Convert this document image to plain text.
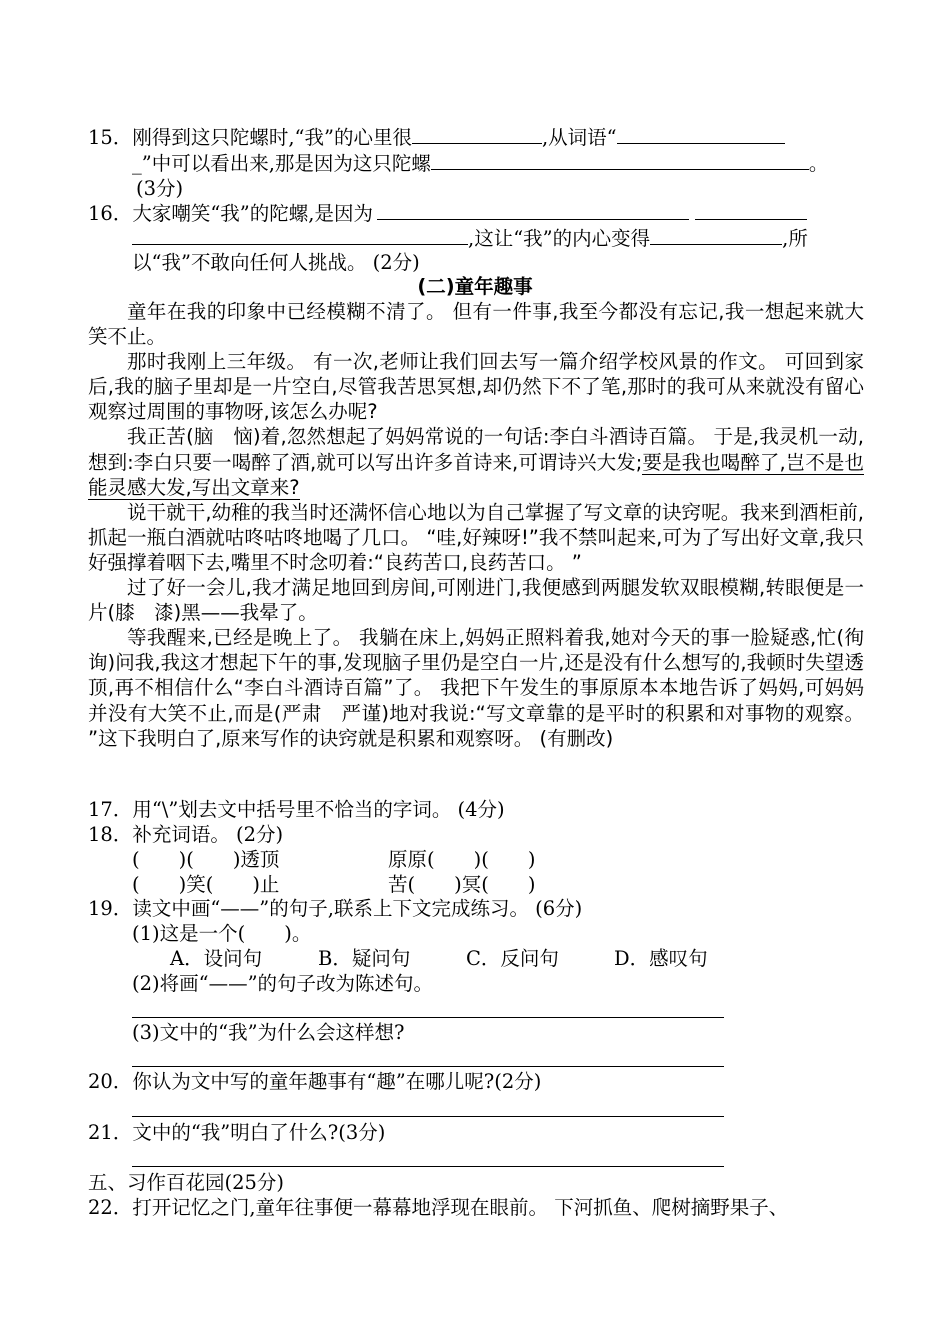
15．刚得到这只陀螺时,“我”的心里很	,从词语“
_”中可以看出来,那是因为这只陀螺	。
(3分)
16．大家嘲笑“我”的陀螺,是因为
,这让“我”的内心变得	,所
以“我”不敢向任何人挑战。 (2分)
(二)童年趣事

童年在我的印象中已经模糊不清了。 但有一件事,我至今都没有忘记,我一想起来就大笑不止。

那时我刚上三年级。 有一次,老师让我们回去写一篇介绍学校风景的作文。 可回到家后,我的脑子里却是一片空白,尽管我苦思冥想,却仍然下不了笔,那时的我可从来就没有留心观察过周围的事物呀,该怎么办呢?

我正苦(脑　恼)着,忽然想起了妈妈常说的一句话:李白斗酒诗百篇。 于是,我灵机一动,想到:李白只要一喝醉了酒,就可以写出许多首诗来,可谓诗兴大发;要是我也喝醉了,岂不是也能灵感大发,写出文章来?

说干就干,幼稚的我当时还满怀信心地以为自己掌握了写文章的诀窍呢。我来到酒柜前,抓起一瓶白酒就咕咚咕咚地喝了几口。 “哇,好辣呀!”我不禁叫起来,可为了写出好文章,我只好强撑着咽下去,嘴里不时念叨着:“良药苦口,良药苦口。 ”

过了好一会儿,我才满足地回到房间,可刚进门,我便感到两腿发软双眼模糊,转眼便是一片(膝　漆)黑——我晕了。

等我醒来,已经是晚上了。 我躺在床上,妈妈正照料着我,她对今天的事一脸疑惑,忙(徇　询)问我,我这才想起下午的事,发现脑子里仍是空白一片,还是没有什么想写的,我顿时失望透顶,再不相信什么“李白斗酒诗百篇”了。 我把下午发生的事原原本本地告诉了妈妈,可妈妈并没有大笑不止,而是(严肃　严谨)地对我说:“写文章靠的是平时的积累和对事物的观察。 ”这下我明白了,原来写作的诀窍就是积累和观察呀。 (有删改)

17．用“\”划去文中括号里不恰当的字词。 (4分)
18．补充词语。 (2分)
(　　)(　　)透顶	原原(　　)(　　)
(　　)笑(　　)止	苦(　　)冥(　　)
19．读文中画“——”的句子,联系上下文完成练习。 (6分)
(1)这是一个(　　)。
A．设问句	B．疑问句	C．反问句	D．感叹句
(2)将画“——”的句子改为陈述句。
(3)文中的“我”为什么会这样想?
20．你认为文中写的童年趣事有“趣”在哪儿呢?(2分)
21．文中的“我”明白了什么?(3分)
五、习作百花园(25分)
22．打开记忆之门,童年往事便一幕幕地浮现在眼前。 下河抓鱼、爬树摘野果子、
